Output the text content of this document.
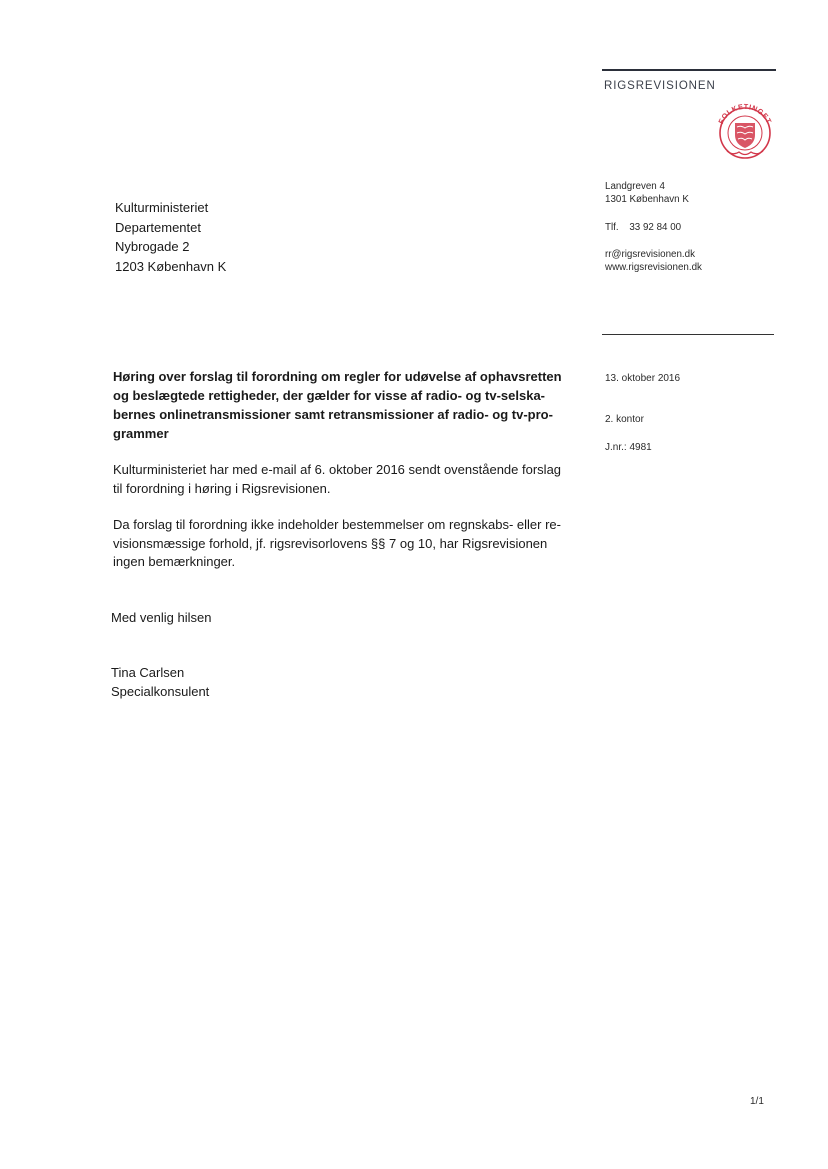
RIGSREVISIONEN
FOLKETINGET
Kulturministeriet
Departementet
Nybrogade 2
1203 København K
Landgreven 4
1301 København K
Tlf. 33 92 84 00
rr@rigsrevisionen.dk
www.rigsrevisionen.dk
13. oktober 2016
2. kontor
J.nr.: 4981
Høring over forslag til forordning om regler for udøvelse af ophavsretten
og beslægtede rettigheder, der gælder for visse af radio- og tv-selska-
bernes onlinetransmissioner samt retransmissioner af radio- og tv-pro-
grammer
Kulturministeriet har med e-mail af 6. oktober 2016 sendt ovenstående forslag
til forordning i høring i Rigsrevisionen.
Da forslag til forordning ikke indeholder bestemmelser om regnskabs- eller re-
visionsmæssige forhold, jf. rigsrevisorlovens §§ 7 og 10, har Rigsrevisionen
ingen bemærkninger.
Med venlig hilsen
Tina Carlsen
Specialkonsulent
1/1
